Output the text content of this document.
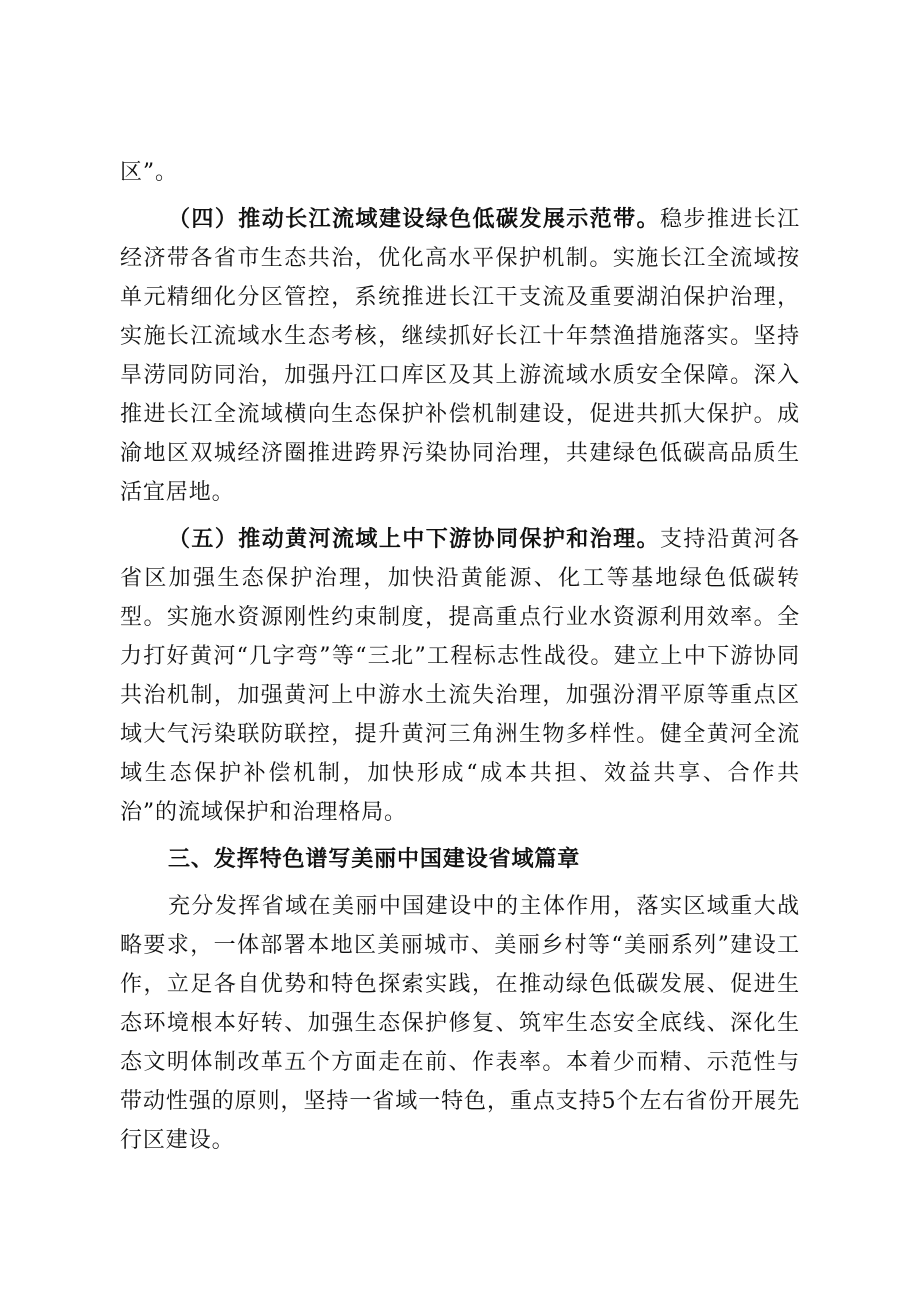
区”。

（四）推动长江流域建设绿色低碳发展示范带。稳步推进长江经济带各省市生态共治，优化高水平保护机制。实施长江全流域按单元精细化分区管控，系统推进长江干支流及重要湖泊保护治理，实施长江流域水生态考核，继续抓好长江十年禁渔措施落实。坚持旱涝同防同治，加强丹江口库区及其上游流域水质安全保障。深入推进长江全流域横向生态保护补偿机制建设，促进共抓大保护。成渝地区双城经济圈推进跨界污染协同治理，共建绿色低碳高品质生活宜居地。

（五）推动黄河流域上中下游协同保护和治理。支持沿黄河各省区加强生态保护治理，加快沿黄能源、化工等基地绿色低碳转型。实施水资源刚性约束制度，提高重点行业水资源利用效率。全力打好黄河“几字弯”等“三北”工程标志性战役。建立上中下游协同共治机制，加强黄河上中游水土流失治理，加强汾渭平原等重点区域大气污染联防联控，提升黄河三角洲生物多样性。健全黄河全流域生态保护补偿机制，加快形成“成本共担、效益共享、合作共治”的流域保护和治理格局。

三、发挥特色谱写美丽中国建设省域篇章

充分发挥省域在美丽中国建设中的主体作用，落实区域重大战略要求，一体部署本地区美丽城市、美丽乡村等“美丽系列”建设工作，立足各自优势和特色探索实践，在推动绿色低碳发展、促进生态环境根本好转、加强生态保护修复、筑牢生态安全底线、深化生态文明体制改革五个方面走在前、作表率。本着少而精、示范性与带动性强的原则，坚持一省域一特色，重点支持5个左右省份开展先行区建设。
